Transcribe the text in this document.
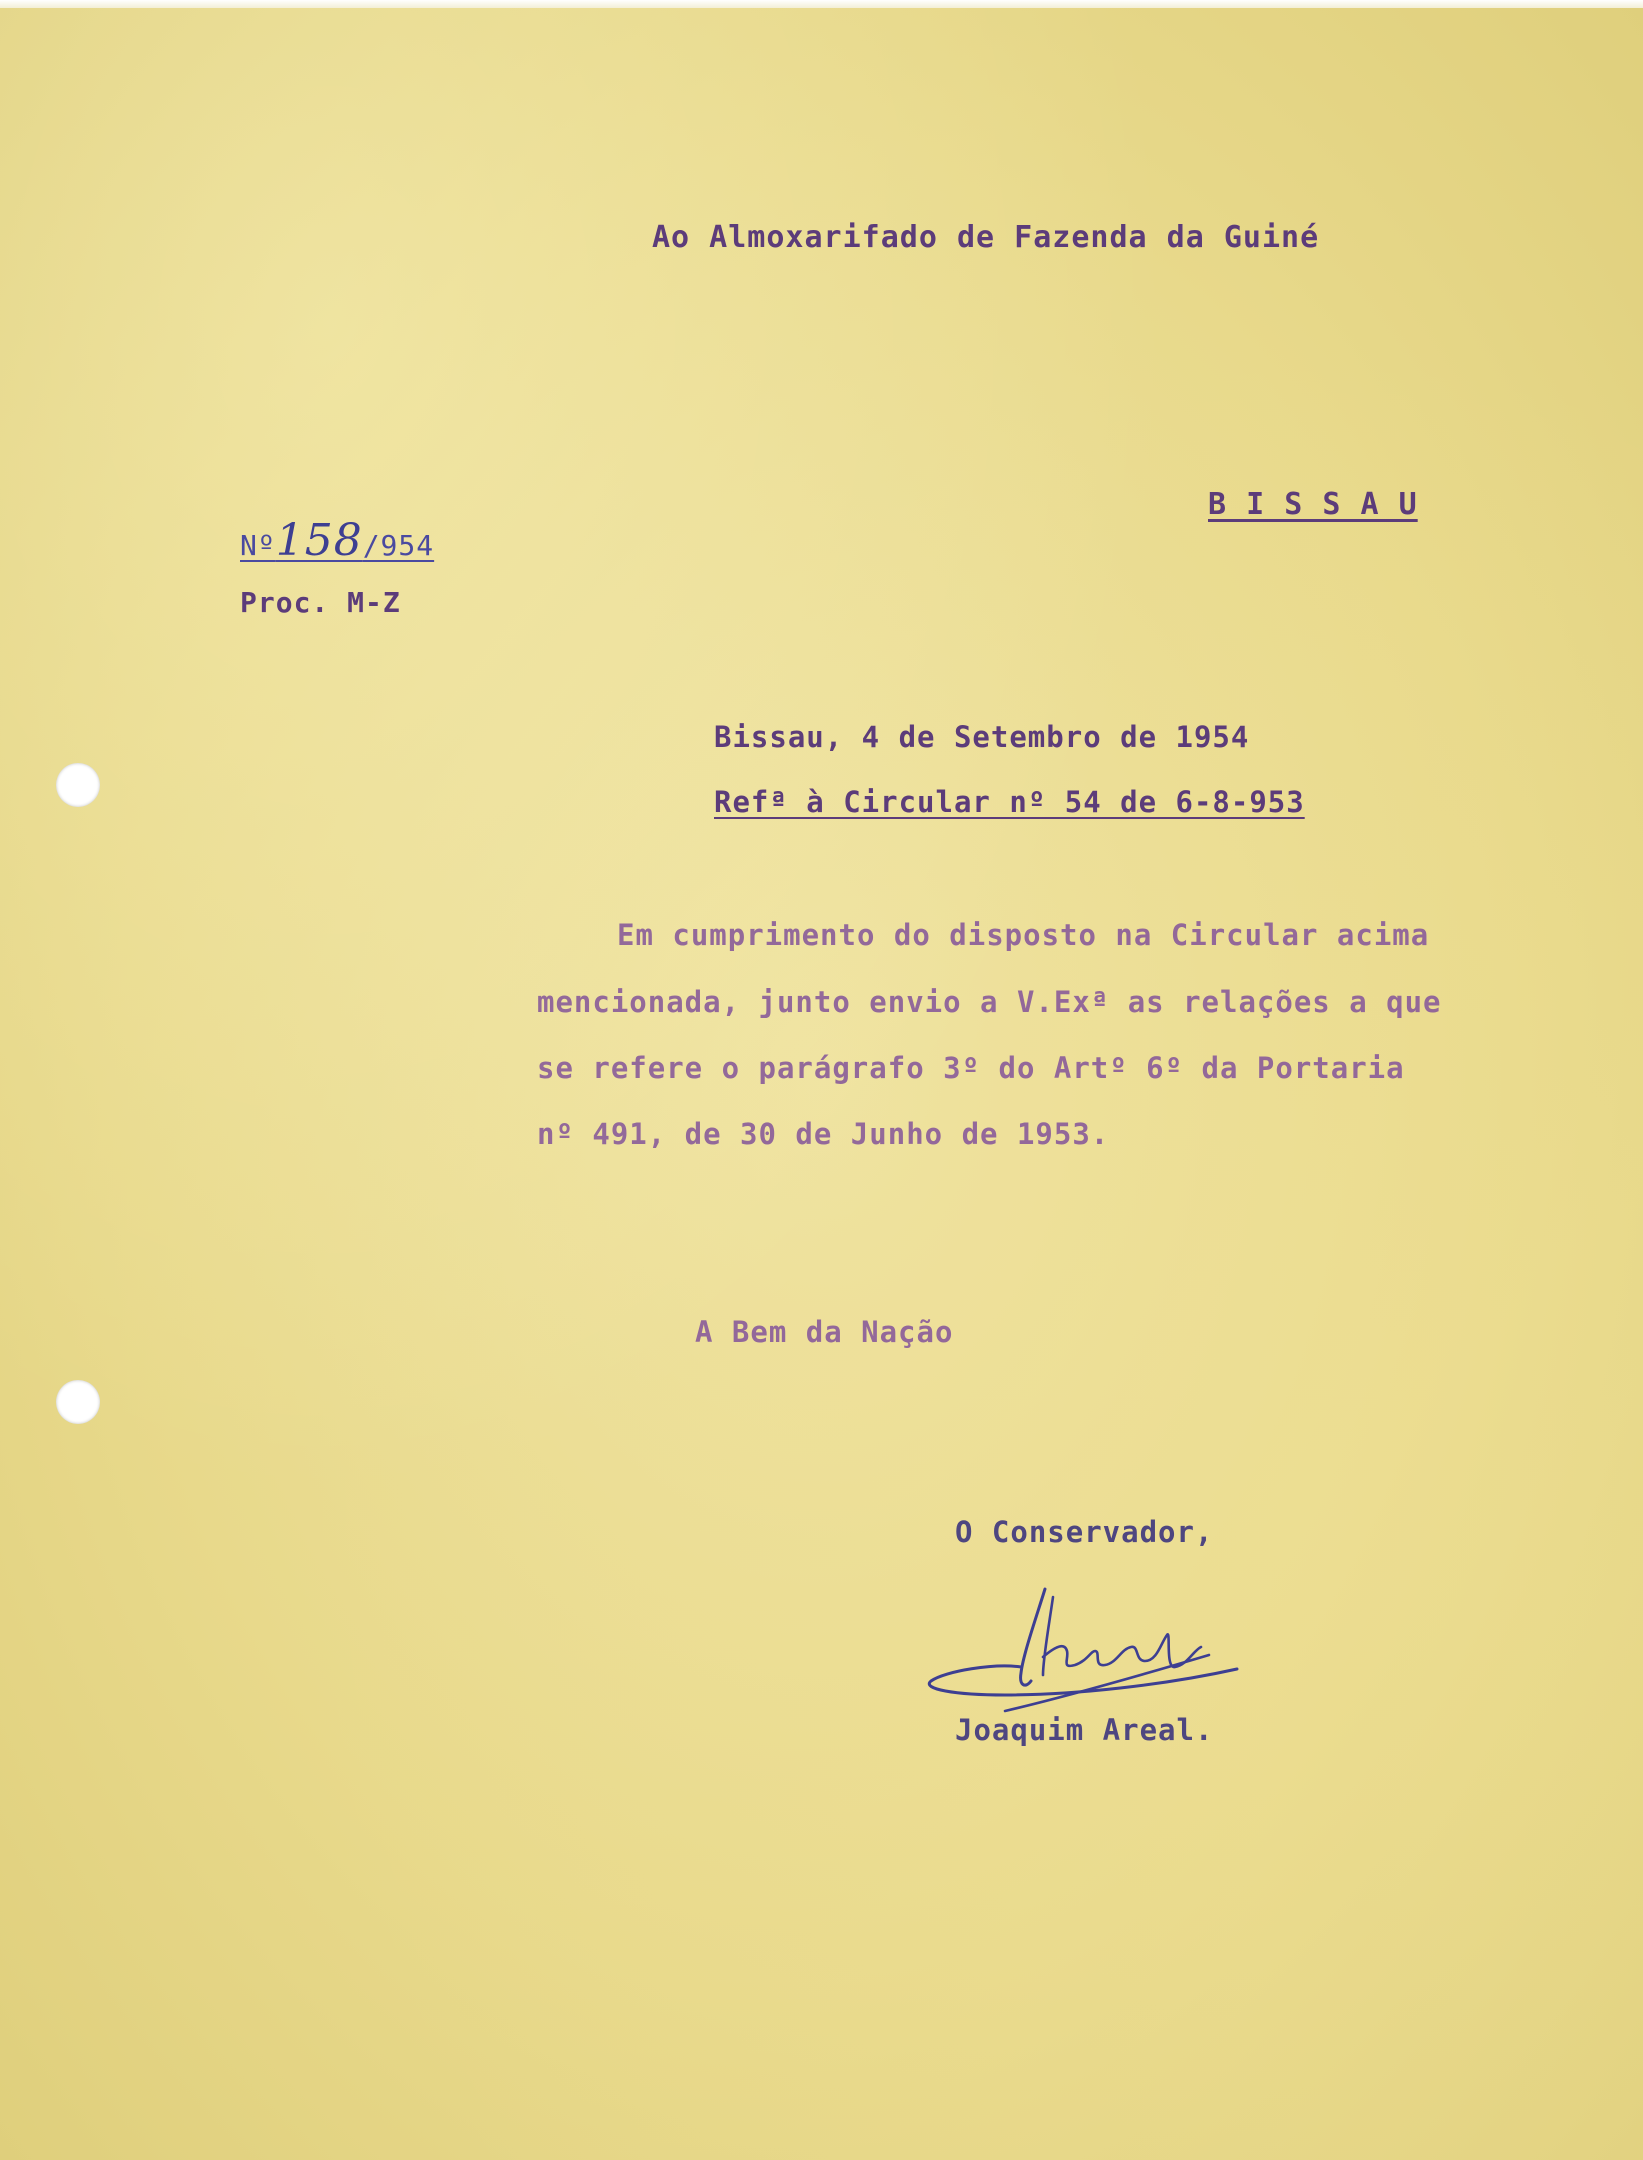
Ao Almoxarifado de Fazenda da Guiné
B I S S A U
Nº158/954
Proc. M-Z
Bissau, 4 de Setembro de 1954
Refª à Circular nº 54 de 6-8-953
Em cumprimento do disposto na Circular acima
mencionada, junto envio a V.Exª as relações a que
se refere o parágrafo 3º do Artº 6º da Portaria
nº 491, de 30 de Junho de 1953.
A Bem da Nação
O Conservador,
Joaquim Areal.
